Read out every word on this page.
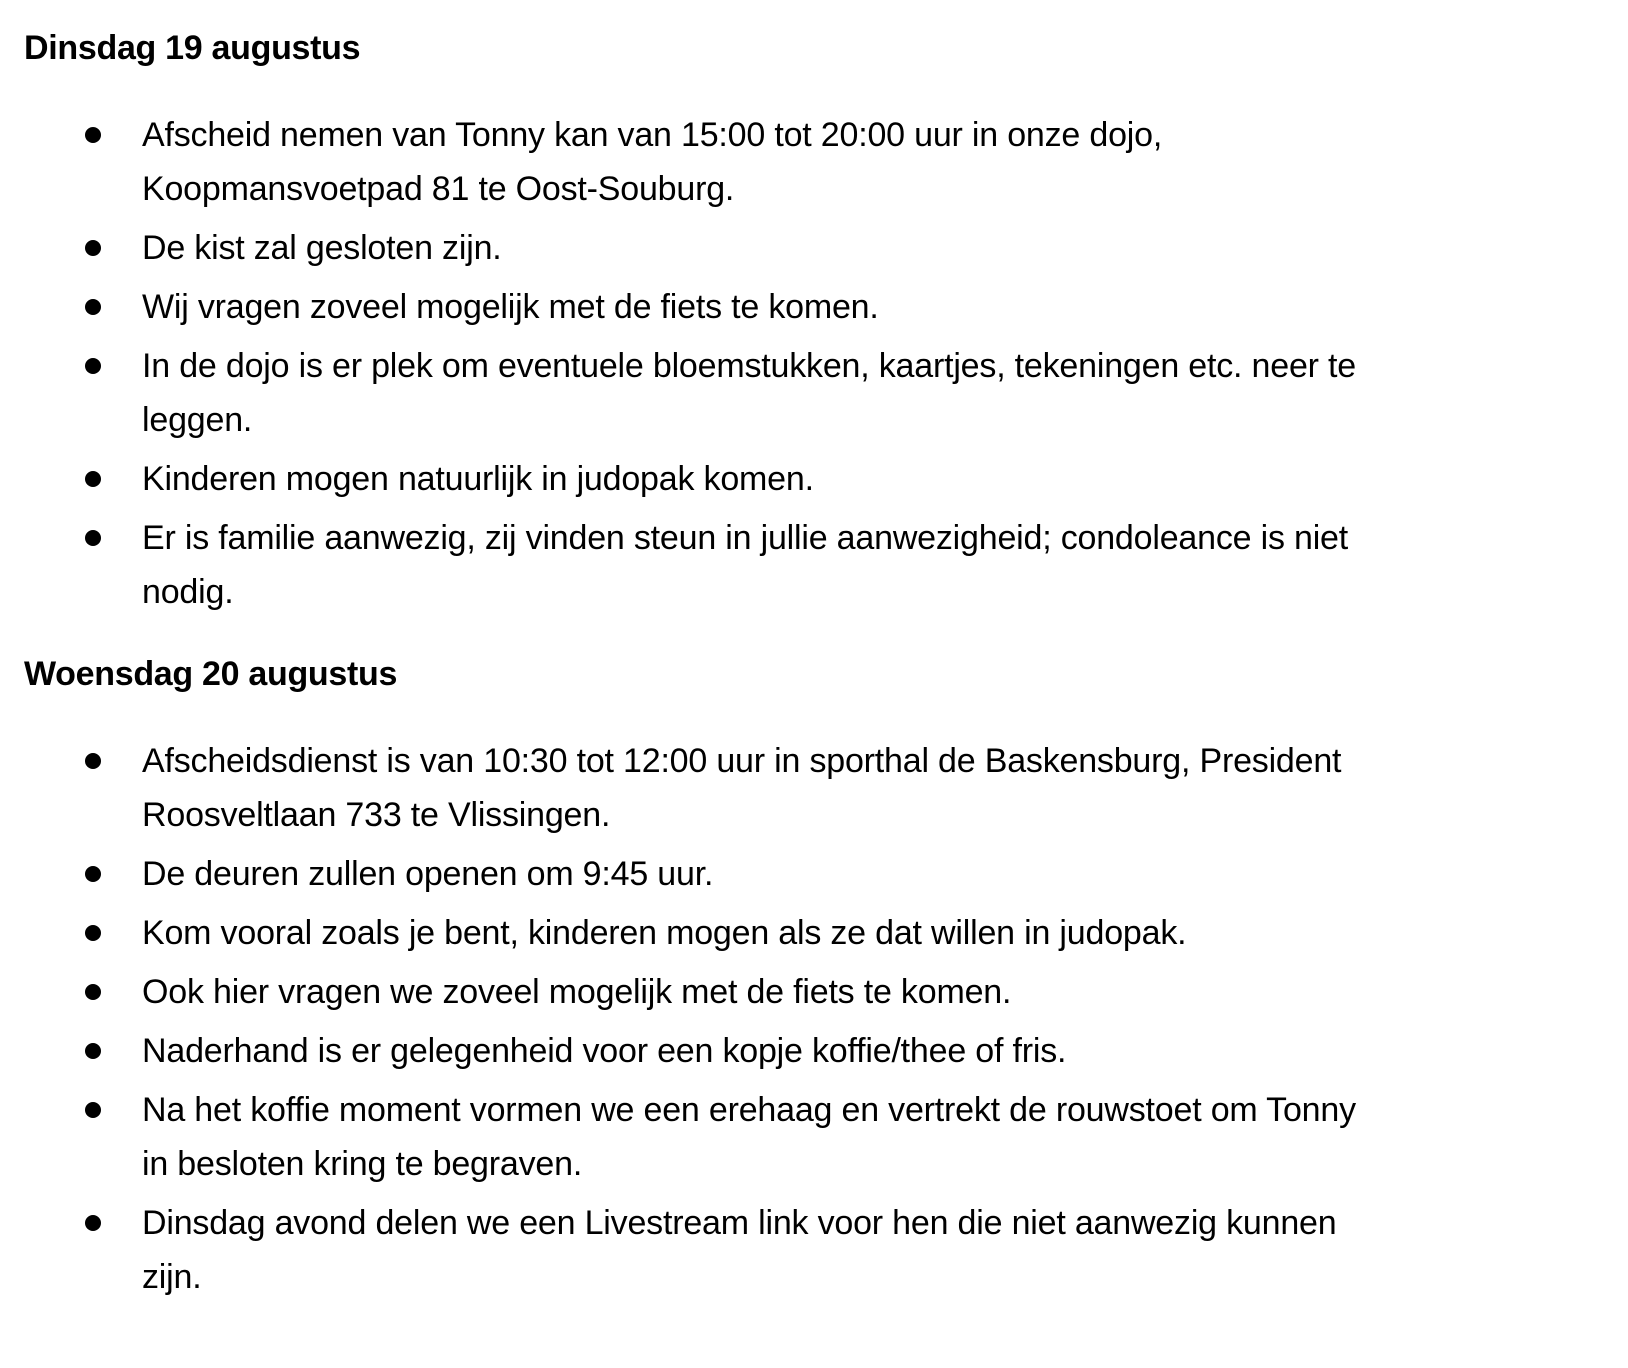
Dinsdag 19 augustus
Afscheid nemen van Tonny kan van 15:00 tot 20:00 uur in onze dojo,
Koopmansvoetpad 81 te Oost-Souburg.
De kist zal gesloten zijn.
Wij vragen zoveel mogelijk met de fiets te komen.
In de dojo is er plek om eventuele bloemstukken, kaartjes, tekeningen etc. neer te
leggen.
Kinderen mogen natuurlijk in judopak komen.
Er is familie aanwezig, zij vinden steun in jullie aanwezigheid; condoleance is niet
nodig.
Woensdag 20 augustus
Afscheidsdienst is van 10:30 tot 12:00 uur in sporthal de Baskensburg, President
Roosveltlaan 733 te Vlissingen.
De deuren zullen openen om 9:45 uur.
Kom vooral zoals je bent, kinderen mogen als ze dat willen in judopak.
Ook hier vragen we zoveel mogelijk met de fiets te komen.
Naderhand is er gelegenheid voor een kopje koffie/thee of fris.
Na het koffie moment vormen we een erehaag en vertrekt de rouwstoet om Tonny
in besloten kring te begraven.
Dinsdag avond delen we een Livestream link voor hen die niet aanwezig kunnen
zijn.
